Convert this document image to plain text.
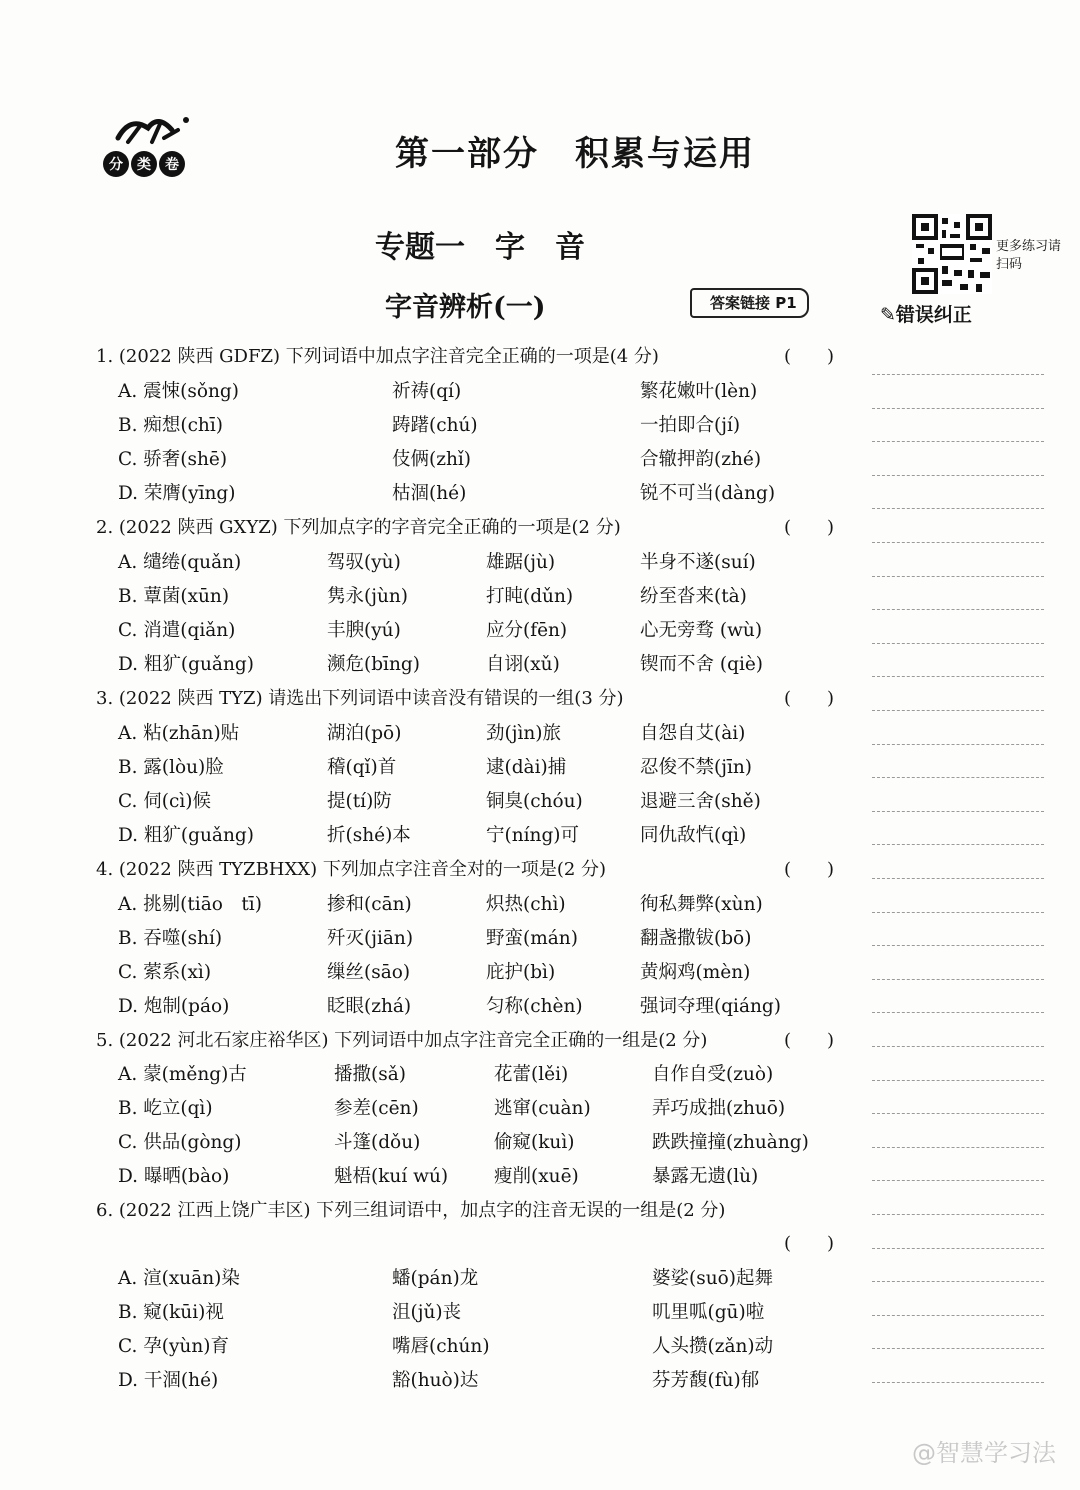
分 类 卷	第一部分　积累与运用
专题一　字　音
字音辨析(一)	答案链接 P1
更多练习请扫码
✎错误纠正
1. (2022 陕西 GDFZ) 下列词语中加点字注音完全正确的一项是(4 分)	(　　)
A. 震悚(sǒng)	祈祷(qí)	繁花嫩叶(lèn)
B. 痴想(chī)	踌躇(chú)	一拍即合(jí)
C. 骄奢(shē)	伎俩(zhǐ)	合辙押韵(zhé)
D. 荣膺(yīng)	枯涸(hé)	锐不可当(dàng)
2. (2022 陕西 GXYZ) 下列加点字的字音完全正确的一项是(2 分)	(　　)
A. 缱绻(quǎn)	驾驭(yù)	雄踞(jù)	半身不遂(suí)
B. 蕈菌(xūn)	隽永(jùn)	打盹(dǔn)	纷至沓来(tà)
C. 消遣(qiǎn)	丰腴(yú)	应分(fēn)	心无旁骛 (wù)
D. 粗犷(guǎng)	濒危(bīng)	自诩(xǔ)	锲而不舍 (qiè)
3. (2022 陕西 TYZ) 请选出下列词语中读音没有错误的一组(3 分)	(　　)
A. 粘(zhān)贴	湖泊(pō)	劲(jìn)旅	自怨自艾(ài)
B. 露(lòu)脸	稽(qǐ)首	逮(dài)捕	忍俊不禁(jīn)
C. 伺(cì)候	提(tí)防	铜臭(chóu)	退避三舍(shě)
D. 粗犷(guǎng)	折(shé)本	宁(níng)可	同仇敌忾(qì)
4. (2022 陕西 TYZBHXX) 下列加点字注音全对的一项是(2 分)	(　　)
A. 挑剔(tiāo　tī)	掺和(cān)	炽热(chì)	徇私舞弊(xùn)
B. 吞噬(shí)	歼灭(jiān)	野蛮(mán)	翻盏撒钹(bō)
C. 萦系(xì)	缫丝(sāo)	庇护(bì)	黄焖鸡(mèn)
D. 炮制(páo)	眨眼(zhá)	匀称(chèn)	强词夺理(qiáng)
5. (2022 河北石家庄裕华区) 下列词语中加点字注音完全正确的一组是(2 分)	(　　)
A. 蒙(měng)古	播撒(sǎ)	花蕾(lěi)	自作自受(zuò)
B. 屹立(qì)	参差(cēn)	逃窜(cuàn)	弄巧成拙(zhuō)
C. 供品(gòng)	斗篷(dǒu)	偷窥(kuì)	跌跌撞撞(zhuàng)
D. 曝晒(bào)	魁梧(kuí wú) 瘦削(xuē)	暴露无遗(lù)
6. (2022 江西上饶广丰区) 下列三组词语中，加点字的注音无误的一组是(2 分)
(　　)
A. 渲(xuān)染	蟠(pán)龙	婆娑(suō)起舞
B. 窥(kūi)视	沮(jǔ)丧	叽里呱(gū)啦
C. 孕(yùn)育	嘴唇(chún)	人头攒(zǎn)动
D. 干涸(hé)	豁(huò)达	芬芳馥(fù)郁
@智慧学习法
